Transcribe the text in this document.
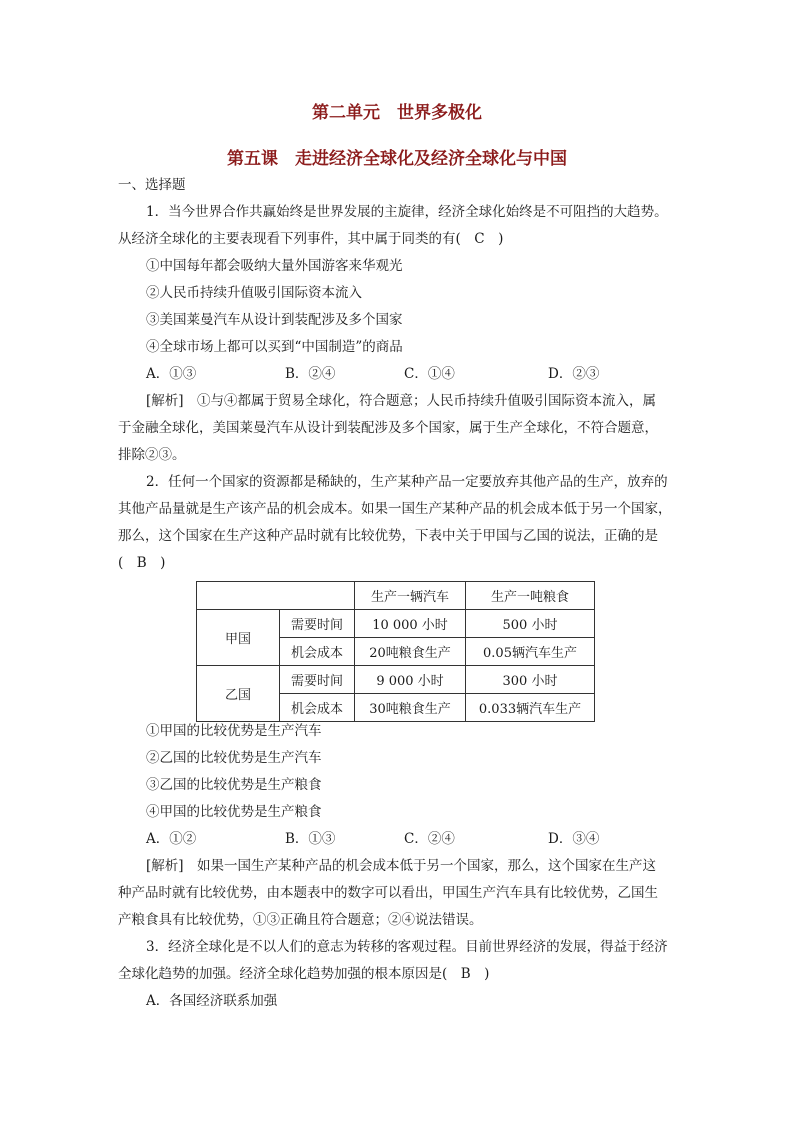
第二单元　世界多极化
第五课　走进经济全球化及经济全球化与中国
一、选择题
1．当今世界合作共赢始终是世界发展的主旋律，经济全球化始终是不可阻挡的大趋势。
从经济全球化的主要表现看下列事件，其中属于同类的有(　C　)
①中国每年都会吸纳大量外国游客来华观光
②人民币持续升值吸引国际资本流入
③美国莱曼汽车从设计到装配涉及多个国家
④全球市场上都可以买到“中国制造”的商品
A．①③	B．②④	C．①④	D．②③
[解析]　①与④都属于贸易全球化，符合题意；人民币持续升值吸引国际资本流入，属
于金融全球化，美国莱曼汽车从设计到装配涉及多个国家，属于生产全球化，不符合题意，
排除②③。
2．任何一个国家的资源都是稀缺的，生产某种产品一定要放弃其他产品的生产，放弃的
其他产品量就是生产该产品的机会成本。如果一国生产某种产品的机会成本低于另一个国家，
那么，这个国家在生产这种产品时就有比较优势，下表中关于甲国与乙国的说法，正确的是
(　B　)
		生产一辆汽车	生产一吨粮食
甲国	需要时间	10 000 小时	500 小时
	机会成本	20吨粮食生产	0.05辆汽车生产
乙国	需要时间	9 000 小时	300 小时
	机会成本	30吨粮食生产	0.033辆汽车生产
①甲国的比较优势是生产汽车
②乙国的比较优势是生产汽车
③乙国的比较优势是生产粮食
④甲国的比较优势是生产粮食
A．①②	B．①③	C．②④	D．③④
[解析]　如果一国生产某种产品的机会成本低于另一个国家，那么，这个国家在生产这
种产品时就有比较优势，由本题表中的数字可以看出，甲国生产汽车具有比较优势，乙国生
产粮食具有比较优势，①③正确且符合题意；②④说法错误。
3．经济全球化是不以人们的意志为转移的客观过程。目前世界经济的发展，得益于经济
全球化趋势的加强。经济全球化趋势加强的根本原因是(　B　)
A．各国经济联系加强
